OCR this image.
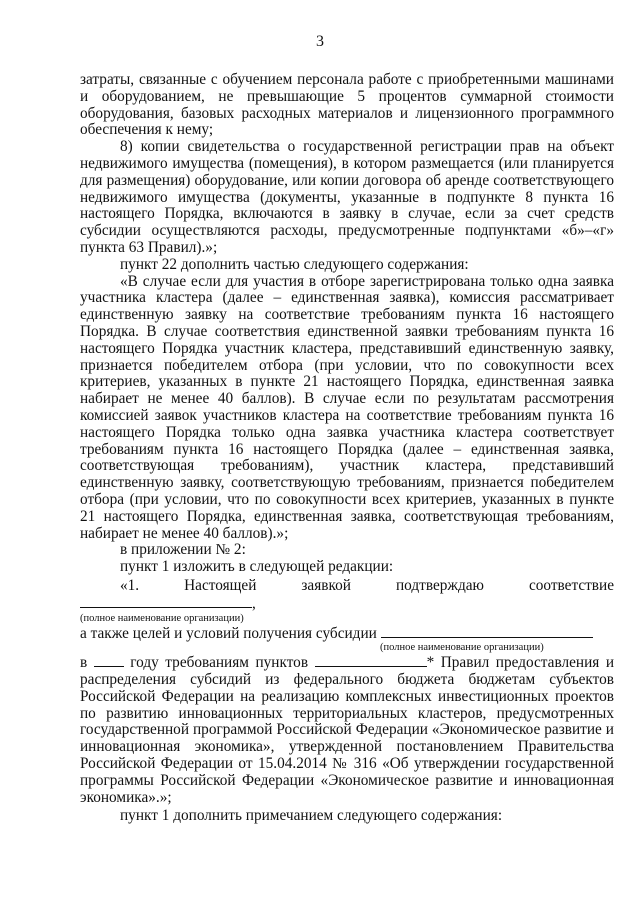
3

затраты, связанные с обучением персонала работе с приобретенными машинами и оборудованием, не превышающие 5 процентов суммарной стоимости оборудования, базовых расходных материалов и лицензионного программного обеспечения к нему;

8) копии свидетельства о государственной регистрации прав на объект недвижимого имущества (помещения), в котором размещается (или планируется для размещения) оборудование, или копии договора об аренде соответствующего недвижимого имущества (документы, указанные в подпункте 8 пункта 16 настоящего Порядка, включаются в заявку в случае, если за счет средств субсидии осуществляются расходы, предусмотренные подпунктами «б»–«г» пункта 63 Правил).»;

пункт 22 дополнить частью следующего содержания:

«В случае если для участия в отборе зарегистрирована только одна заявка участника кластера (далее – единственная заявка), комиссия рассматривает единственную заявку на соответствие требованиям пункта 16 настоящего Порядка. В случае соответствия единственной заявки требованиям пункта 16 настоящего Порядка участник кластера, представивший единственную заявку, признается победителем отбора (при условии, что по совокупности всех критериев, указанных в пункте 21 настоящего Порядка, единственная заявка набирает не менее 40 баллов). В случае если по результатам рассмотрения комиссией заявок участников кластера на соответствие требованиям пункта 16 настоящего Порядка только одна заявка участника кластера соответствует требованиям пункта 16 настоящего Порядка (далее – единственная заявка, соответствующая требованиям), участник кластера, представивший единственную заявку, соответствующую требованиям, признается победителем отбора (при условии, что по совокупности всех критериев, указанных в пункте 21 настоящего Порядка, единственная заявка, соответствующая требованиям, набирает не менее 40 баллов).»;

в приложении № 2:

пункт 1 изложить в следующей редакции:

«1. Настоящей заявкой подтверждаю соответствие ,

(полное наименование организации)

а также целей и условий получения субсидии

(полное наименование организации)

в	году требованиям пунктов	* Правил предоставления и распределения субсидий из федерального бюджета бюджетам субъектов Российской Федерации на реализацию комплексных инвестиционных проектов по развитию инновационных территориальных кластеров, предусмотренных государственной программой Российской Федерации «Экономическое развитие и инновационная экономика», утвержденной постановлением Правительства Российской Федерации от 15.04.2014 № 316 «Об утверждении государственной программы Российской Федерации «Экономическое развитие и инновационная экономика».»;

пункт 1 дополнить примечанием следующего содержания:
